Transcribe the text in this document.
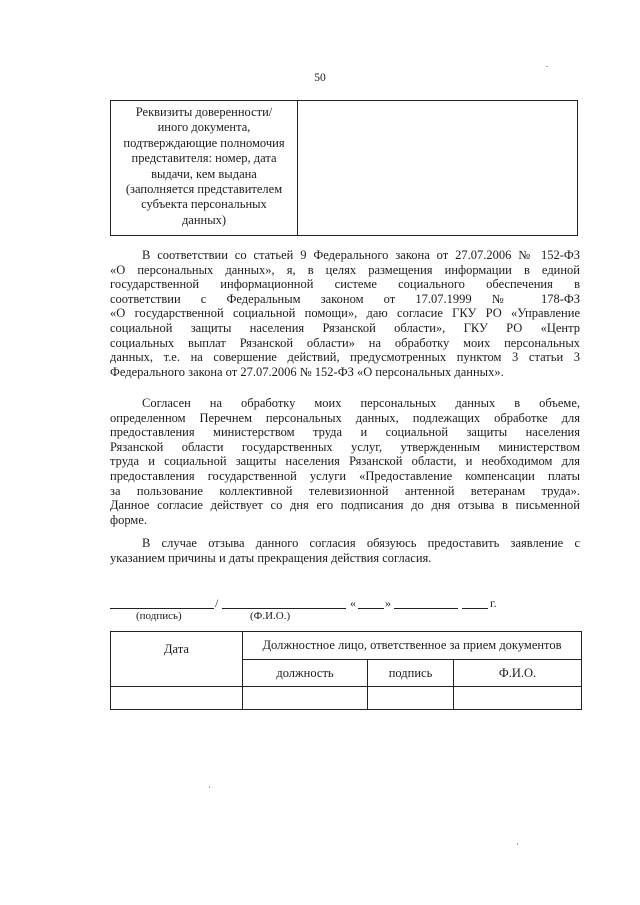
50
Реквизиты доверенности/
иного документа,
подтверждающие полномочия
представителя: номер, дата
выдачи, кем выдана
(заполняется представителем
субъекта персональных
данных)

В соответствии со статьей 9 Федерального закона от 27.07.2006 № 152-ФЗ
«О персональных данных», я, в целях размещения информации в единой
государственной информационной системе социального обеспечения в
соответствии с Федеральным законом от 17.07.1999 № 178-ФЗ
«О государственной социальной помощи», даю согласие ГКУ РО «Управление
социальной защиты населения Рязанской области», ГКУ РО «Центр
социальных выплат Рязанской области» на обработку моих персональных
данных, т.е. на совершение действий, предусмотренных пунктом 3 статьи 3
Федерального закона от 27.07.2006 № 152-ФЗ «О персональных данных».
Согласен на обработку моих персональных данных в объеме,
определенном Перечнем персональных данных, подлежащих обработке для
предоставления министерством труда и социальной защиты населения
Рязанской области государственных услуг, утвержденным министерством
труда и социальной защиты населения Рязанской области, и необходимом для
предоставления государственной услуги «Предоставление компенсации платы
за пользование коллективной телевизионной антенной ветеранам труда».
Данное согласие действует со дня его подписания до дня отзыва в письменной
форме.
В случае отзыва данного согласия обязуюсь предоставить заявление с
указанием причины и даты прекращения действия согласия.
/	« »	г.
(подпись)	(Ф.И.О.)
Дата	Должностное лицо, ответственное за прием документов		
	должность	подпись	Ф.И.О.
